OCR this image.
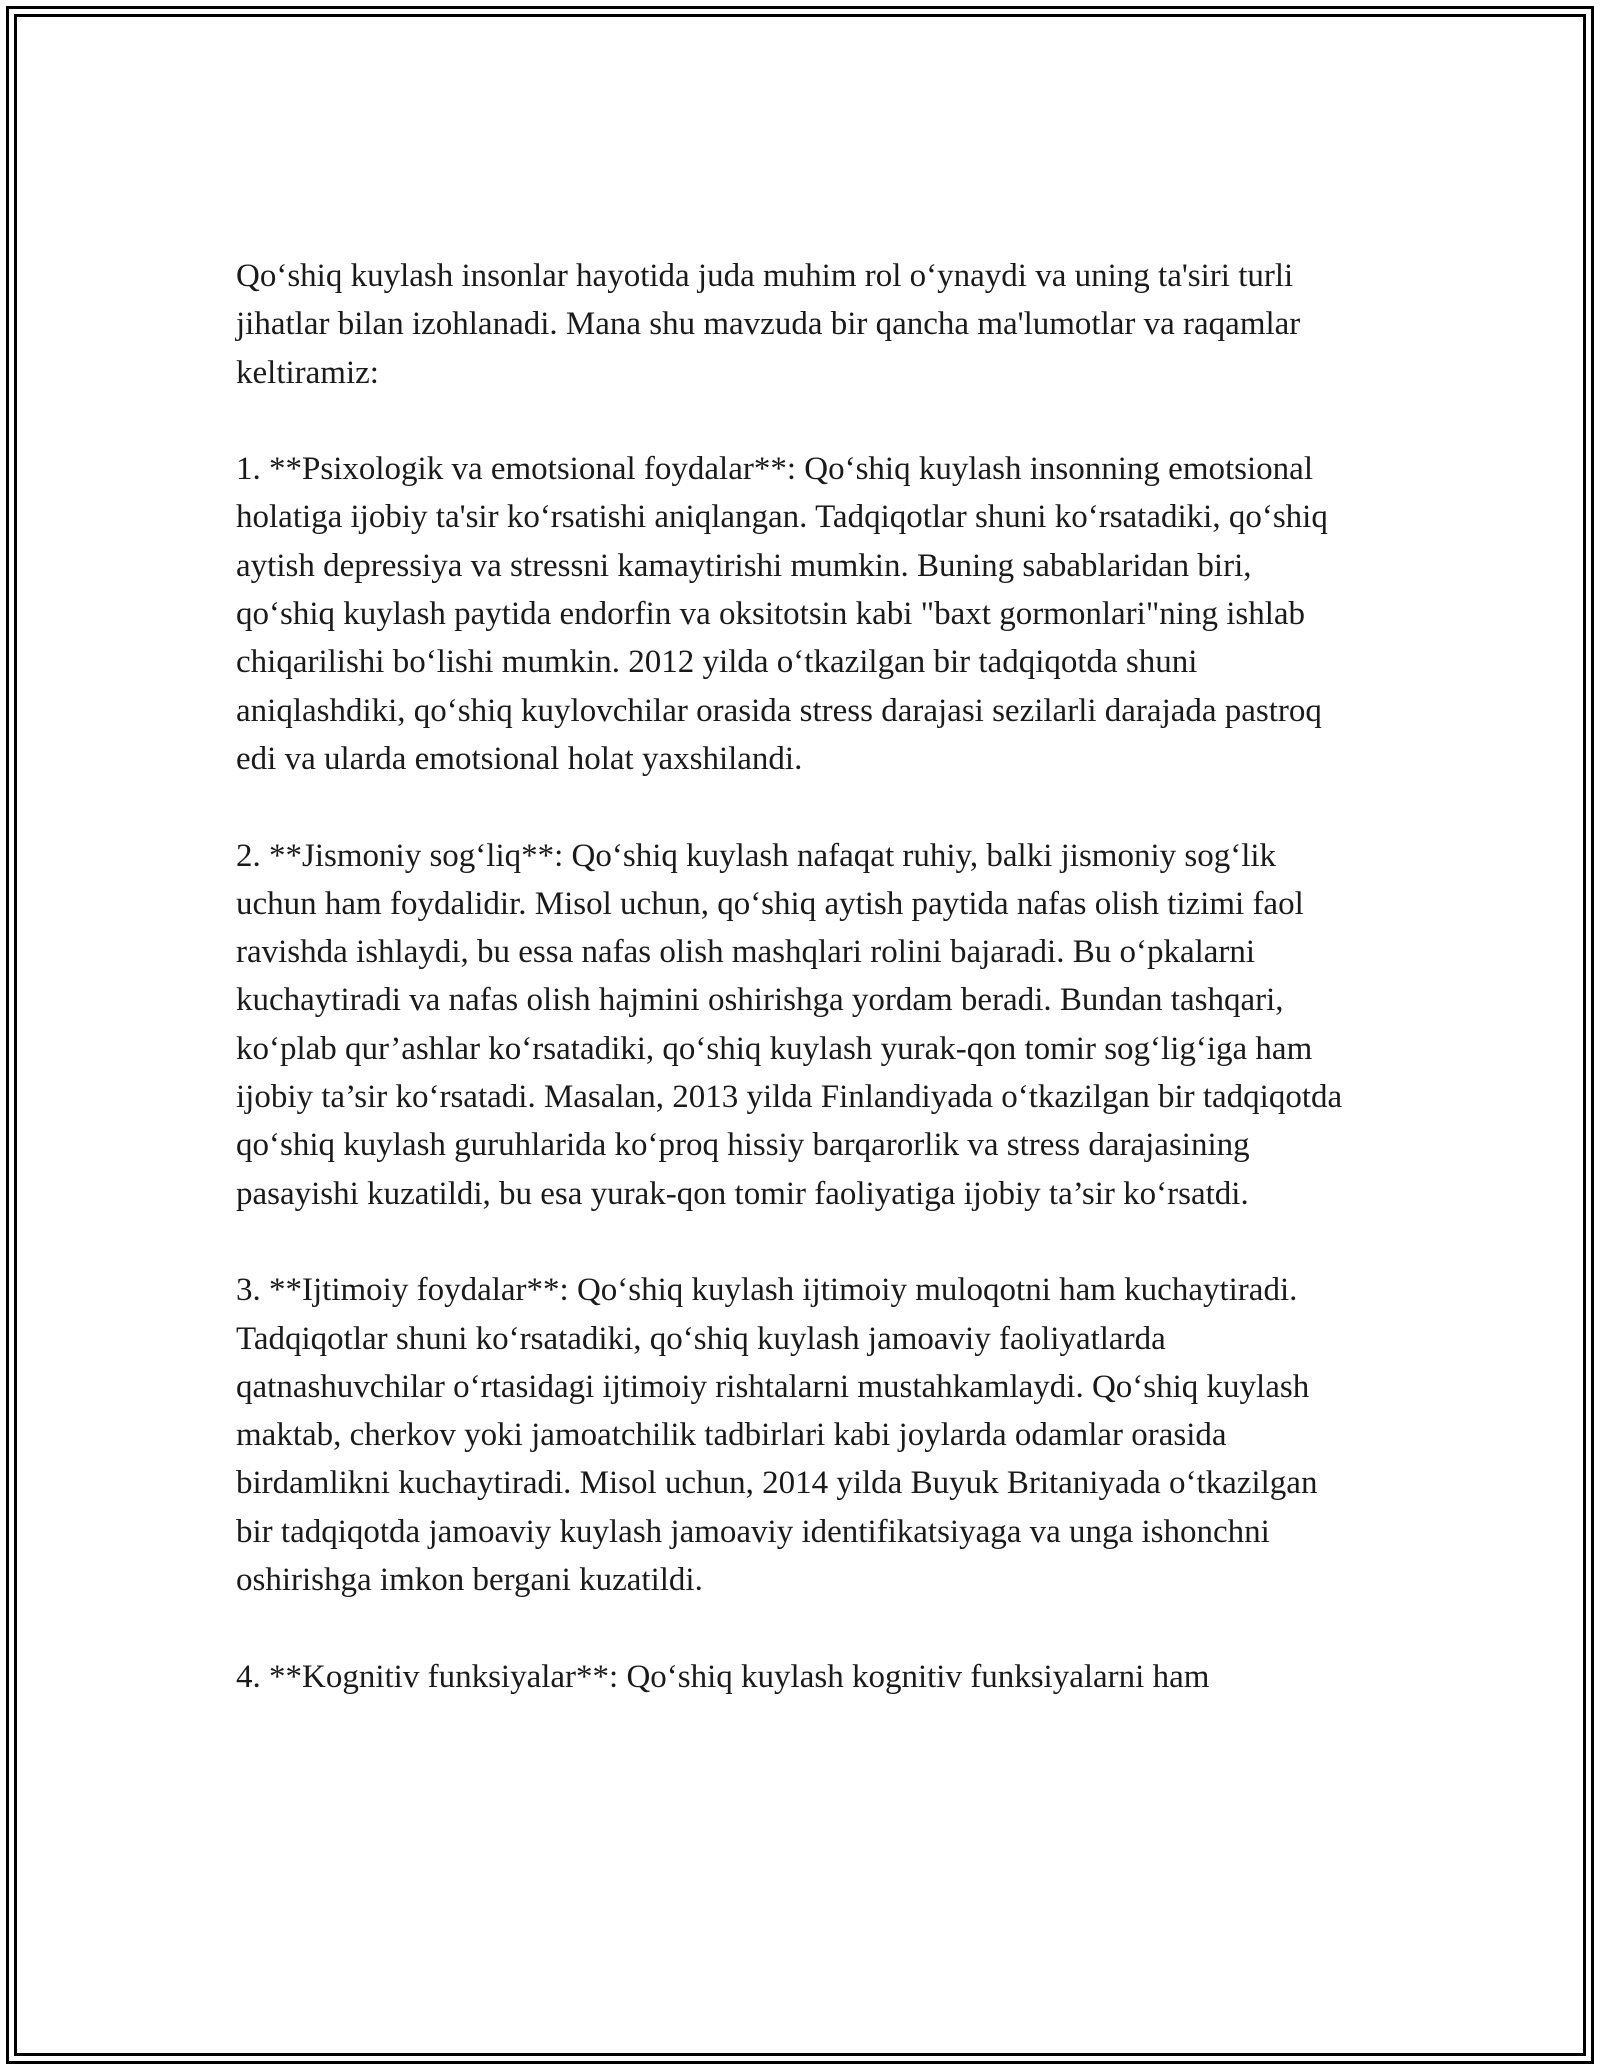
Qo‘shiq kuylash insonlar hayotida juda muhim rol o‘ynaydi va uning ta'siri turli jihatlar bilan izohlanadi. Mana shu mavzuda bir qancha ma'lumotlar va raqamlar keltiramiz:

1. **Psixologik va emotsional foydalar**: Qo‘shiq kuylash insonning emotsional holatiga ijobiy ta'sir ko‘rsatishi aniqlangan. Tadqiqotlar shuni ko‘rsatadiki, qo‘shiq aytish depressiya va stressni kamaytirishi mumkin. Buning sabablaridan biri, qo‘shiq kuylash paytida endorfin va oksitotsin kabi "baxt gormonlari"ning ishlab chiqarilishi bo‘lishi mumkin. 2012 yilda o‘tkazilgan bir tadqiqotda shuni aniqlashdiki, qo‘shiq kuylovchilar orasida stress darajasi sezilarli darajada pastroq edi va ularda emotsional holat yaxshilandi.

2. **Jismoniy sog‘liq**: Qo‘shiq kuylash nafaqat ruhiy, balki jismoniy sog‘lik uchun ham foydalidir. Misol uchun, qo‘shiq aytish paytida nafas olish tizimi faol ravishda ishlaydi, bu essa nafas olish mashqlari rolini bajaradi. Bu o‘pkalarni kuchaytiradi va nafas olish hajmini oshirishga yordam beradi. Bundan tashqari, ko‘plab qur’ashlar ko‘rsatadiki, qo‘shiq kuylash yurak-qon tomir sog‘lig‘iga ham ijobiy ta’sir ko‘rsatadi. Masalan, 2013 yilda Finlandiyada o‘tkazilgan bir tadqiqotda qo‘shiq kuylash guruhlarida ko‘proq hissiy barqarorlik va stress darajasining pasayishi kuzatildi, bu esa yurak-qon tomir faoliyatiga ijobiy ta’sir ko‘rsatdi.

3. **Ijtimoiy foydalar**: Qo‘shiq kuylash ijtimoiy muloqotni ham kuchaytiradi. Tadqiqotlar shuni ko‘rsatadiki, qo‘shiq kuylash jamoaviy faoliyatlarda qatnashuvchilar o‘rtasidagi ijtimoiy rishtalarni mustahkamlaydi. Qo‘shiq kuylash maktab, cherkov yoki jamoatchilik tadbirlari kabi joylarda odamlar orasida birdamlikni kuchaytiradi. Misol uchun, 2014 yilda Buyuk Britaniyada o‘tkazilgan bir tadqiqotda jamoaviy kuylash jamoaviy identifikatsiyaga va unga ishonchni oshirishga imkon bergani kuzatildi.

4. **Kognitiv funksiyalar**: Qo‘shiq kuylash kognitiv funksiyalarni ham
